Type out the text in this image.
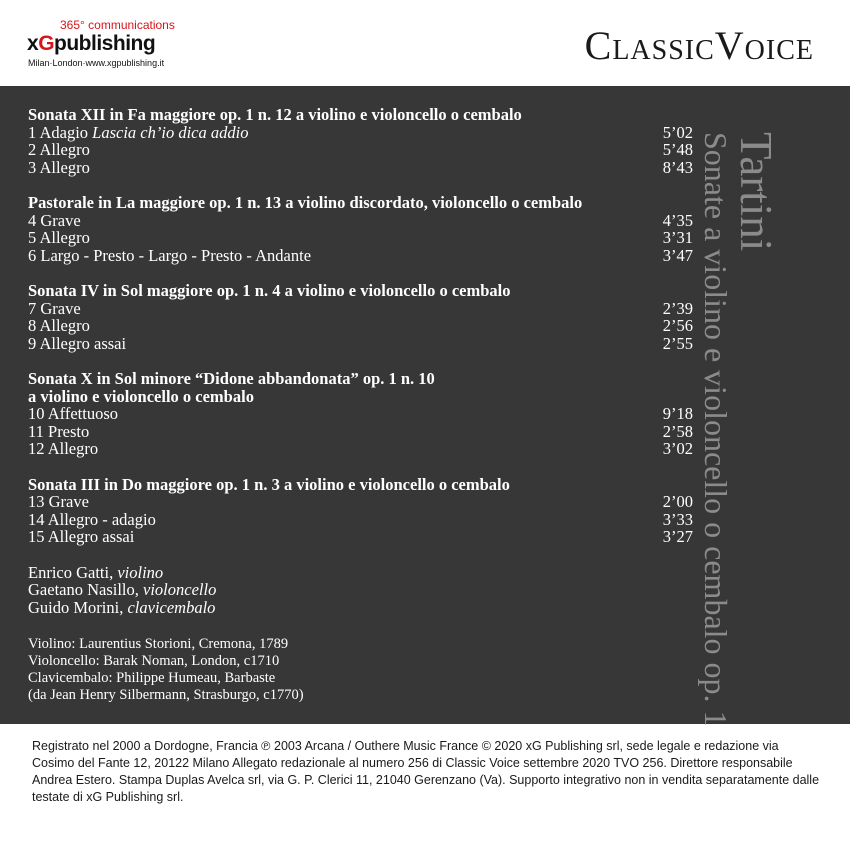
365° communications
xGpublishing
Milan·London·www.xgpublishing.it	ClassicVoice
Sonata XII in Fa maggiore op. 1 n. 12 a violino e violoncello o cembalo
1 Adagio Lascia ch’io dica addio	5’02
2 Allegro	5’48
3 Allegro	8’43
Pastorale in La maggiore op. 1 n. 13 a violino discordato, violoncello o cembalo
4 Grave	4’35
5 Allegro	3’31
6 Largo - Presto - Largo - Presto - Andante	3’47
Sonata IV in Sol maggiore op. 1 n. 4 a violino e violoncello o cembalo
7 Grave	2’39
8 Allegro	2’56
9 Allegro assai	2’55
Sonata X in Sol minore “Didone abbandonata” op. 1 n. 10
a violino e violoncello o cembalo
10 Affettuoso	9’18
11 Presto	2’58
12 Allegro	3’02
Sonata III in Do maggiore op. 1 n. 3 a violino e violoncello o cembalo
13 Grave	2’00
14 Allegro - adagio	3’33
15 Allegro assai	3’27
Enrico Gatti, violino
Gaetano Nasillo, violoncello
Guido Morini, clavicembalo
Violino: Laurentius Storioni, Cremona, 1789
Violoncello: Barak Noman, London, c1710
Clavicembalo: Philippe Humeau, Barbaste
(da Jean Henry Silbermann, Strasburgo, c1770)
Tartini
Sonate a violino e violoncello o cembalo op. 1
Registrato nel 2000 a Dordogne, Francia ℗ 2003 Arcana / Outhere Music France © 2020 xG Publishing srl, sede legale e redazione via Cosimo del Fante 12, 20122 Milano Allegato redazionale al numero 256 di Classic Voice settembre 2020 TVO 256. Direttore responsabile Andrea Estero. Stampa Duplas Avelca srl, via G. P. Clerici 11, 21040 Gerenzano (Va). Supporto integrativo non in vendita separatamente dalle testate di xG Publishing srl.
